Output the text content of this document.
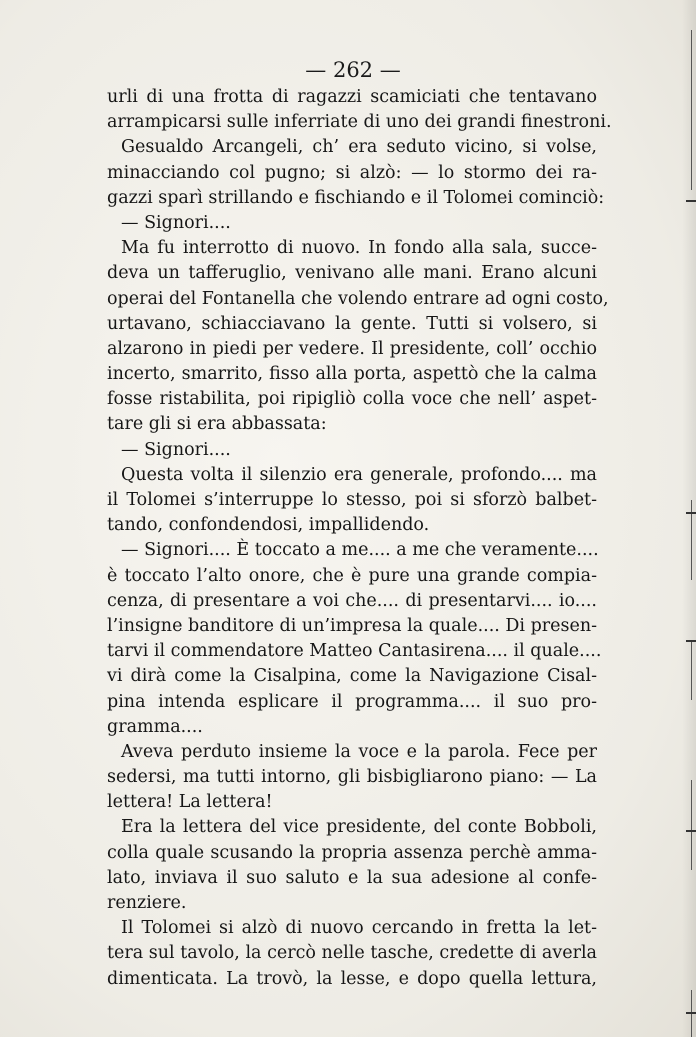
— 262 —
urli di una frotta di ragazzi scamiciati che tentavano
arrampicarsi sulle inferriate di uno dei grandi finestroni.
Gesualdo Arcangeli, ch’ era seduto vicino, si volse,
minacciando col pugno; si alzò: — lo stormo dei ra-
gazzi sparì strillando e fischiando e il Tolomei cominciò:
— Signori....
Ma fu interrotto di nuovo. In fondo alla sala, succe-
deva un tafferuglio, venivano alle mani. Erano alcuni
operai del Fontanella che volendo entrare ad ogni costo,
urtavano, schiacciavano la gente. Tutti si volsero, si
alzarono in piedi per vedere. Il presidente, coll’ occhio
incerto, smarrito, fisso alla porta, aspettò che la calma
fosse ristabilita, poi ripigliò colla voce che nell’ aspet-
tare gli si era abbassata:
— Signori....
Questa volta il silenzio era generale, profondo.... ma
il Tolomei s’interruppe lo stesso, poi si sforzò balbet-
tando, confondendosi, impallidendo.
— Signori.... È toccato a me.... a me che veramente....
è toccato l’alto onore, che è pure una grande compia-
cenza, di presentare a voi che.... di presentarvi.... io....
l’insigne banditore di un’impresa la quale.... Di presen-
tarvi il commendatore Matteo Cantasirena.... il quale....
vi dirà come la Cisalpina, come la Navigazione Cisal-
pina intenda esplicare il programma.... il suo pro-
gramma....
Aveva perduto insieme la voce e la parola. Fece per
sedersi, ma tutti intorno, gli bisbigliarono piano: — La
lettera! La lettera!
Era la lettera del vice presidente, del conte Bobboli,
colla quale scusando la propria assenza perchè amma-
lato, inviava il suo saluto e la sua adesione al confe-
renziere.
Il Tolomei si alzò di nuovo cercando in fretta la let-
tera sul tavolo, la cercò nelle tasche, credette di averla
dimenticata. La trovò, la lesse, e dopo quella lettura,
